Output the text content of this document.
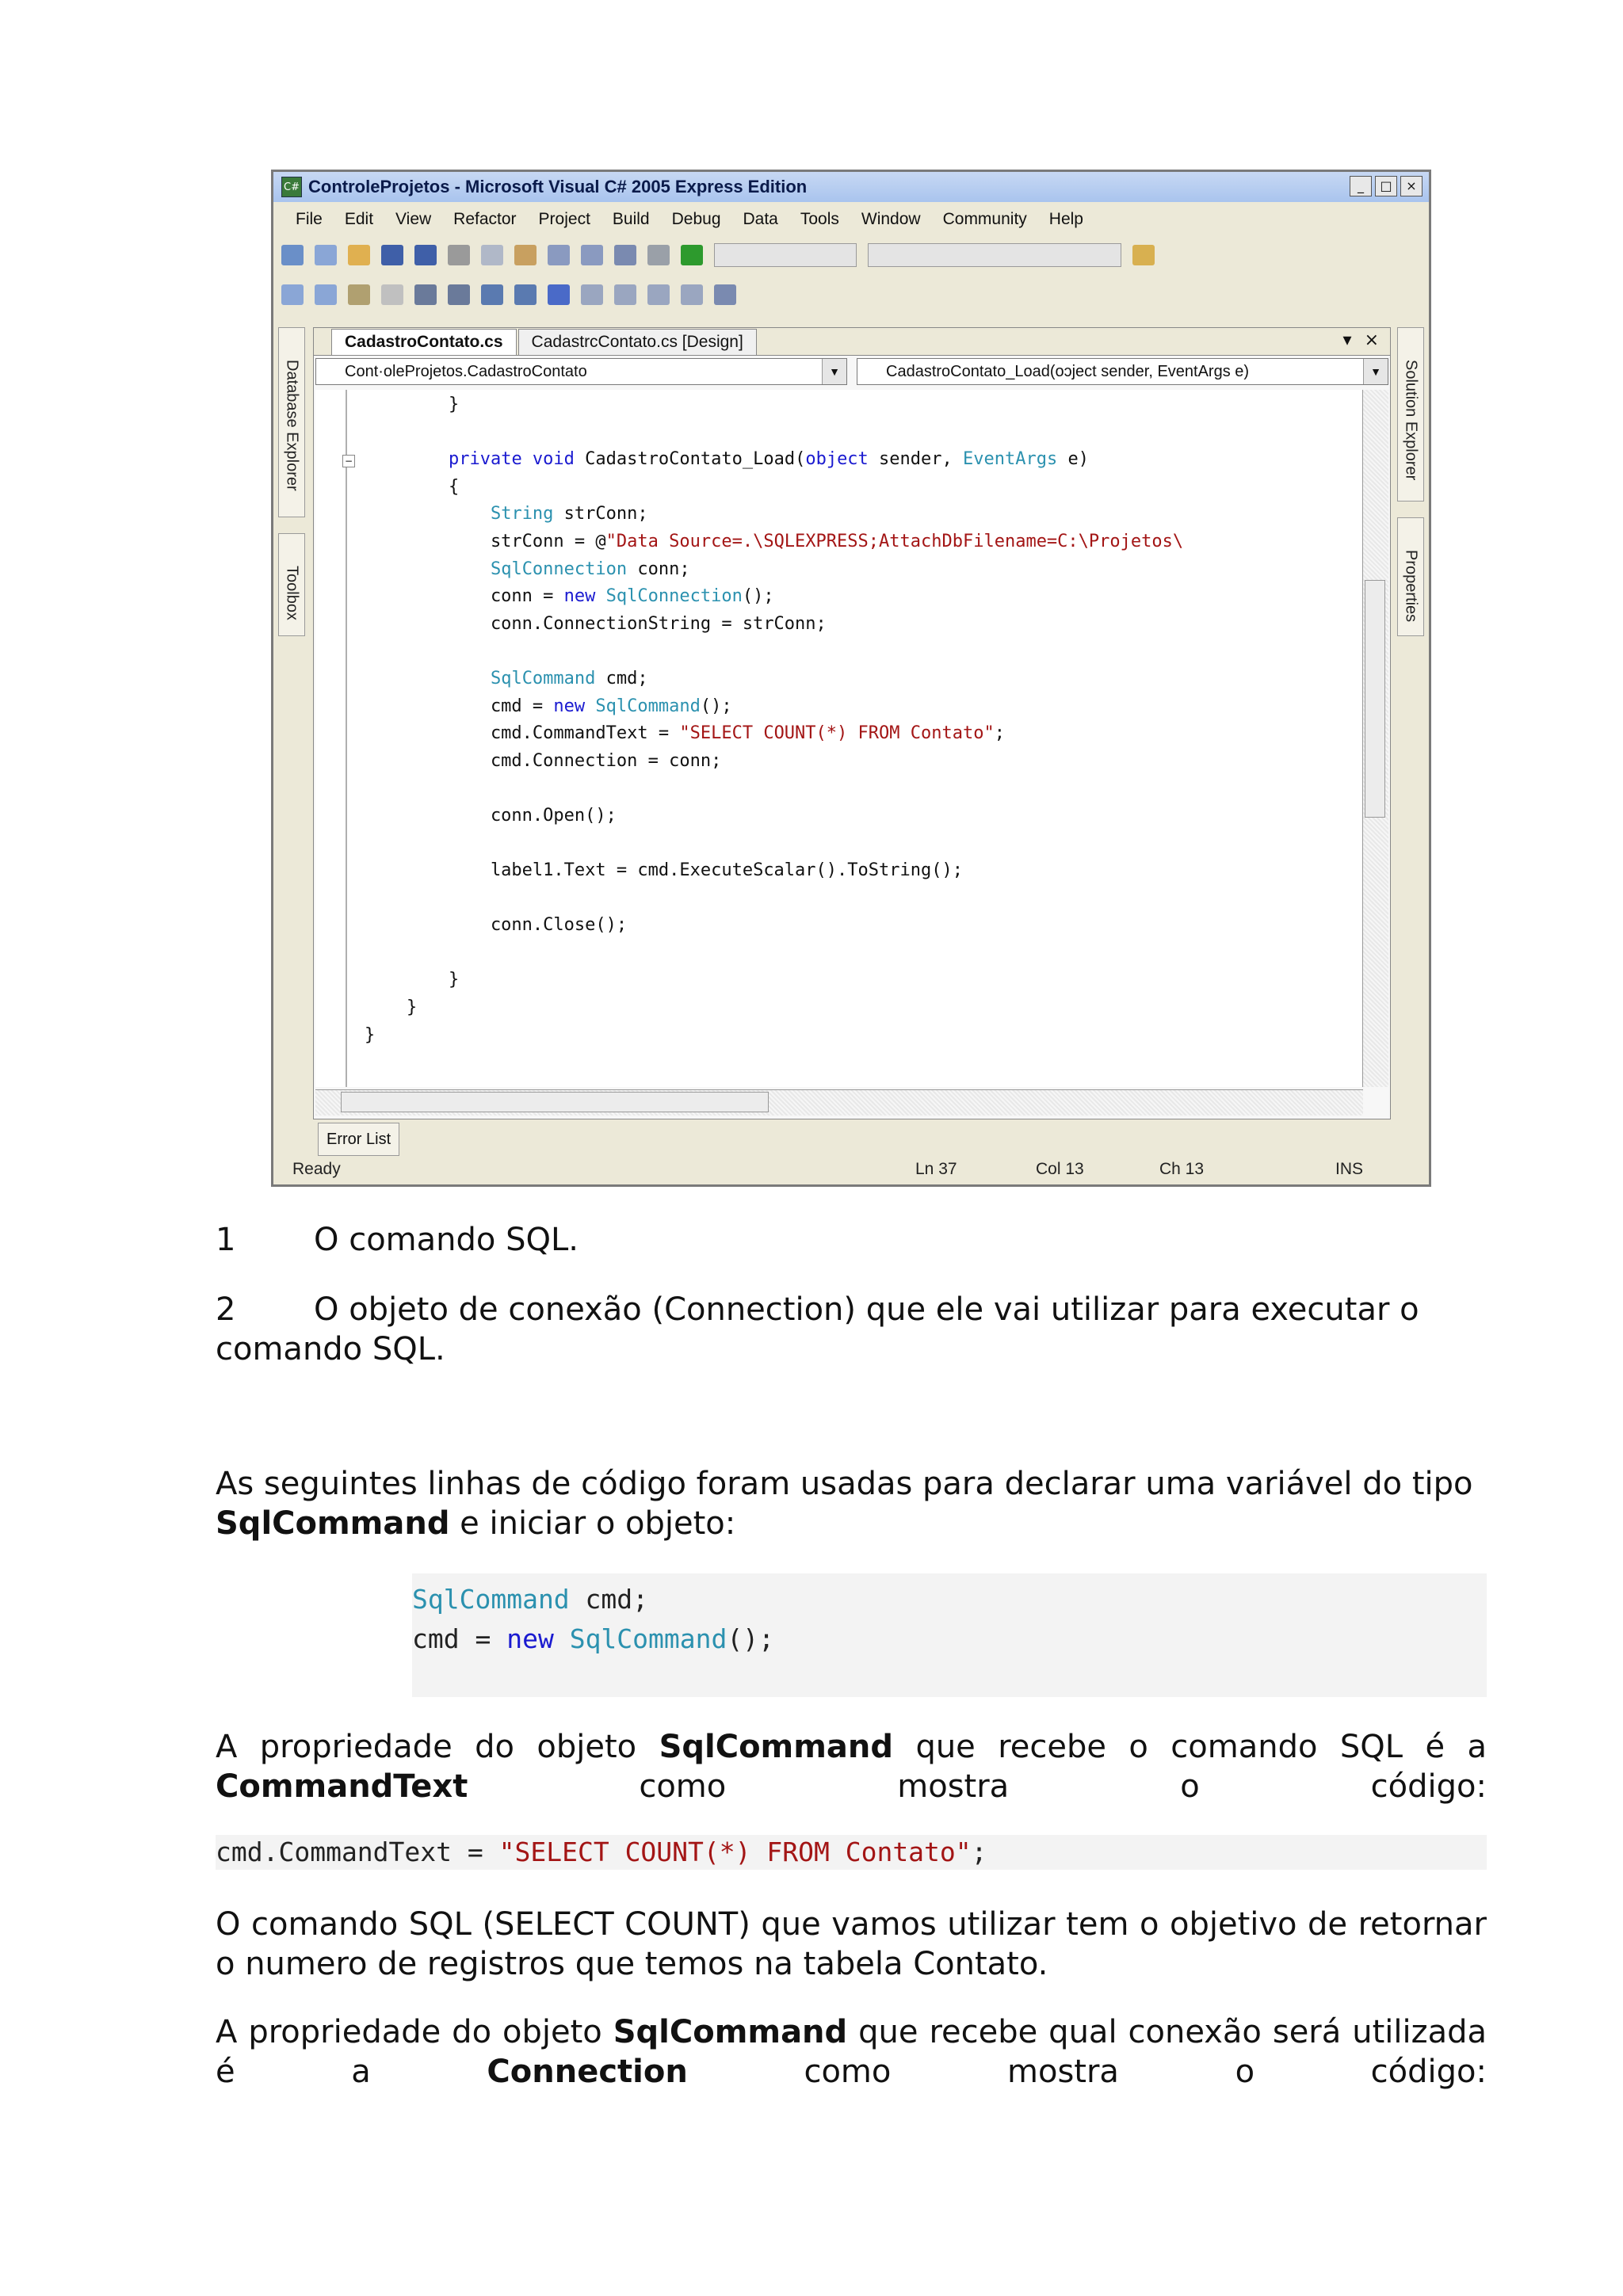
C# ControleProjetos - Microsoft Visual C# 2005 Express Edition	_	□	×
File Edit View Refactor Project Build Debug Data Tools Window Community Help
Database Explorer
Toolbox
Solution Explorer
Properties
CadastroContato.cs	CadastrcContato.cs [Design]	▾ ×
Cont·oleProjetos.CadastroContato	▼	CadastroContato_Load(oɔject sender, EventArgs e)	▼
−
}

private void CadastroContato_Load(object sender, EventArgs e)
{
String strConn;
strConn = @"Data Source=.\SQLEXPRESS;AttachDbFilename=C:\Projetos\
SqlConnection conn;
conn = new SqlConnection();
conn.ConnectionString = strConn;

SqlCommand cmd;
cmd = new SqlCommand();
cmd.CommandText = "SELECT COUNT(*) FROM Contato";
cmd.Connection = conn;

conn.Open();

label1.Text = cmd.ExecuteScalar().ToString();

conn.Close();

}
}
}
Error List
Ready	Ln 37	Col 13	Ch 13	INS

1 O comando SQL.

2 O objeto de conexão (Connection) que ele vai utilizar para executar o comando SQL.

As seguintes linhas de código foram usadas para declarar uma variável do tipo SqlCommand e iniciar o objeto:

SqlCommand cmd;
cmd = new SqlCommand();

A propriedade do objeto SqlCommand que recebe o comando SQL é a CommandText como mostra o código:

cmd.CommandText = "SELECT COUNT(*) FROM Contato";

O comando SQL (SELECT COUNT) que vamos utilizar tem o objetivo de retornar o numero de registros que temos na tabela Contato.

A propriedade do objeto SqlCommand que recebe qual conexão será utilizada é a Connection como mostra o código:
